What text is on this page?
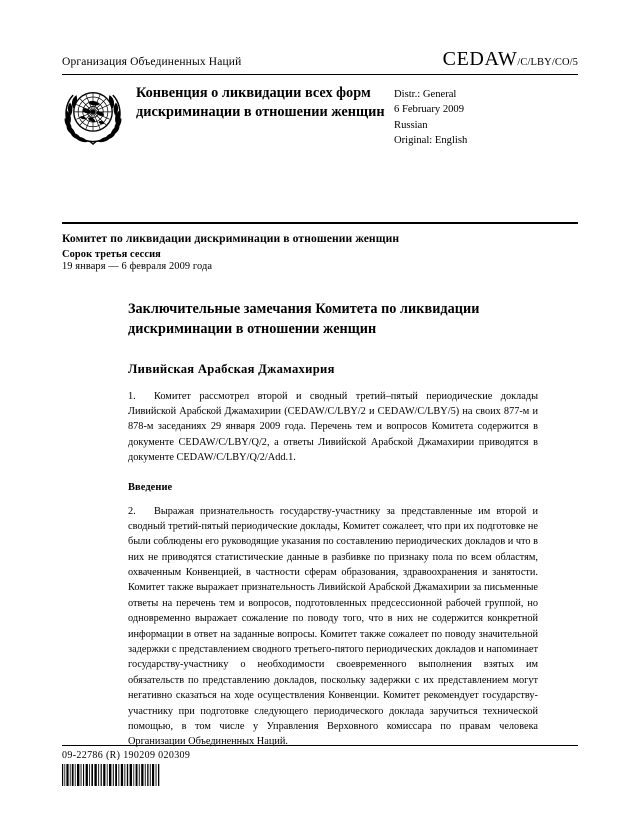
Организация Объединенных Наций	CEDAW /C/LBY/CO/5
Конвенция о ликвидации всех форм дискриминации в отношении женщин
Distr.: General
6 February 2009
Russian
Original: English
Комитет по ликвидации дискриминации в отношении женщин
Сорок третья сессия
19 января — 6 февраля 2009 года
Заключительные замечания Комитета по ликвидации дискриминации в отношении женщин
Ливийская Арабская Джамахирия

1. Комитет рассмотрел второй и сводный третий–пятый периодические доклады Ливийской Арабской Джамахирии (CEDAW/C/LBY/2 и CEDAW/C/LBY/5) на своих 877-м и 878-м заседаниях 29 января 2009 года. Перечень тем и вопросов Комитета содержится в документе CEDAW/C/LBY/Q/2, а ответы Ливийской Арабской Джамахирии приводятся в документе CEDAW/C/LBY/Q/2/Add.1.

Введение

2. Выражая признательность государству-участнику за представленные им второй и сводный третий-пятый периодические доклады, Комитет сожалеет, что при их подготовке не были соблюдены его руководящие указания по составлению периодических докладов и что в них не приводятся статистические данные в разбивке по признаку пола по всем областям, охваченным Конвенцией, в частности сферам образования, здравоохранения и занятости. Комитет также выражает признательность Ливийской Арабской Джамахирии за письменные ответы на перечень тем и вопросов, подготовленных предсессионной рабочей группой, но одновременно выражает сожаление по поводу того, что в них не содержится конкретной информации в ответ на заданные вопросы. Комитет также сожалеет по поводу значительной задержки с представлением сводного третьего-пятого периодических докладов и напоминает государству-участнику о необходимости своевременного выполнения взятых им обязательств по представлению докладов, поскольку задержки с их представлением могут негативно сказаться на ходе осуществления Конвенции. Комитет рекомендует государству-участнику при подготовке следующего периодического доклада заручиться технической помощью, в том числе у Управления Верховного комиссара по правам человека Организации Объединенных Наций.

09-22786 (R) 190209 020309
